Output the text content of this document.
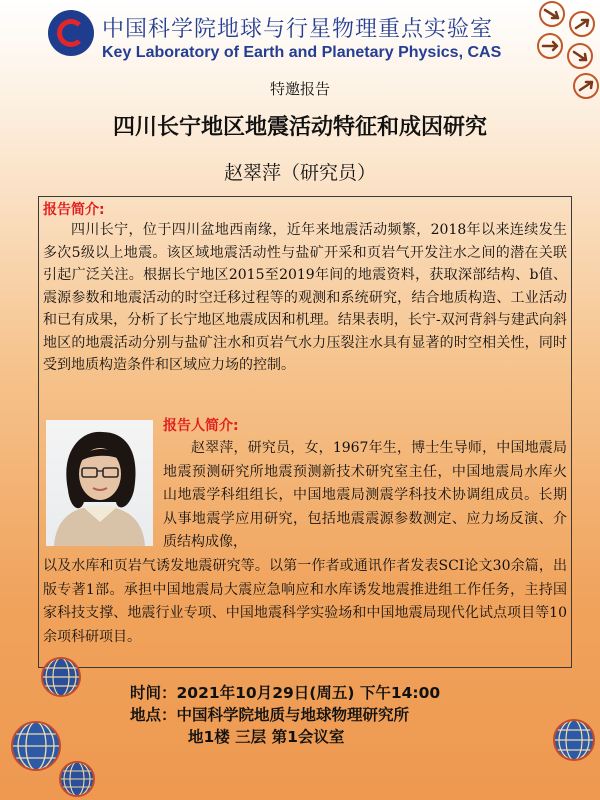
中国科学院地球与行星物理重点实验室
Key Laboratory of Earth and Planetary Physics, CAS
特邀报告
四川长宁地区地震活动特征和成因研究
赵翠萍（研究员）
报告简介:

四川长宁，位于四川盆地西南缘，近年来地震活动频繁，2018年以来连续发生多次5级以上地震。该区域地震活动性与盐矿开采和页岩气开发注水之间的潜在关联引起广泛关注。根据长宁地区2015至2019年间的地震资料，获取深部结构、b值、震源参数和地震活动的时空迁移过程等的观测和系统研究，结合地质构造、工业活动和已有成果，分析了长宁地区地震成因和机理。结果表明，长宁-双河背斜与建武向斜地区的地震活动分别与盐矿注水和页岩气水力压裂注水具有显著的时空相关性，同时受到地质构造条件和区域应力场的控制。

报告人简介:

赵翠萍，研究员，女，1967年生，博士生导师，中国地震局地震预测研究所地震预测新技术研究室主任，中国地震局水库火山地震学科组组长，中国地震局测震学科技术协调组成员。长期从事地震学应用研究，包括地震震源参数测定、应力场反演、介质结构成像，

以及水库和页岩气诱发地震研究等。以第一作者或通讯作者发表SCI论文30余篇，出版专著1部。承担中国地震局大震应急响应和水库诱发地震推进组工作任务，主持国家科技支撑、地震行业专项、中国地震科学实验场和中国地震局现代化试点项目等10余项科研项目。

时间：2021年10月29日(周五) 下午14:00
地点：中国科学院地质与地球物理研究所
地1楼 三层 第1会议室
